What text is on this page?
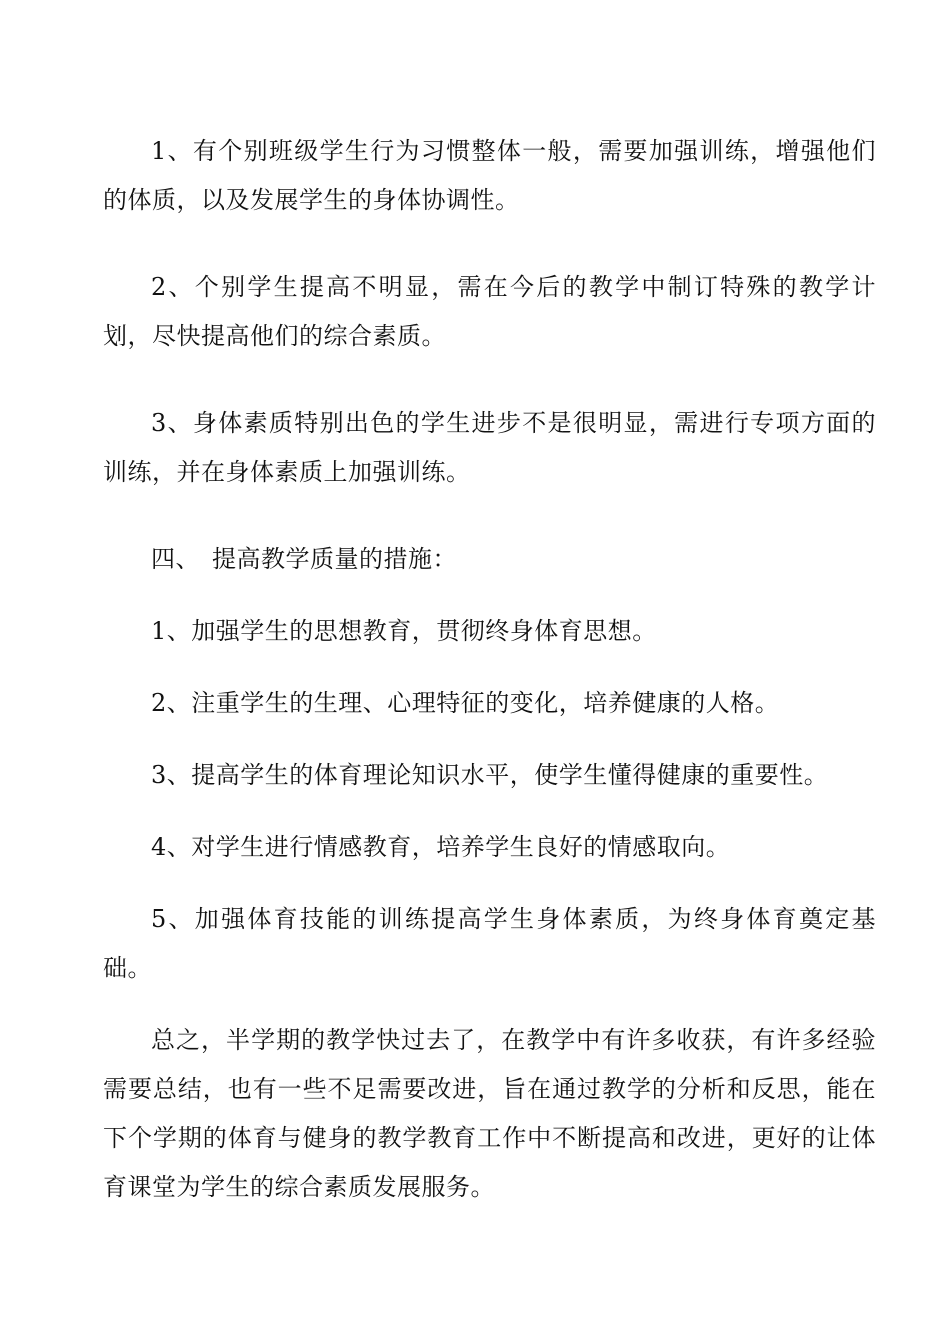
1、有个别班级学生行为习惯整体一般，需要加强训练，增强他们的体质，以及发展学生的身体协调性。

2、个别学生提高不明显，需在今后的教学中制订特殊的教学计划，尽快提高他们的综合素质。

3、身体素质特别出色的学生进步不是很明显，需进行专项方面的训练，并在身体素质上加强训练。

四、 提高教学质量的措施：

1、加强学生的思想教育，贯彻终身体育思想。

2、注重学生的生理、心理特征的变化，培养健康的人格。

3、提高学生的体育理论知识水平，使学生懂得健康的重要性。

4、对学生进行情感教育，培养学生良好的情感取向。

5、加强体育技能的训练提高学生身体素质，为终身体育奠定基础。

总之，半学期的教学快过去了，在教学中有许多收获，有许多经验需要总结，也有一些不足需要改进，旨在通过教学的分析和反思，能在下个学期的体育与健身的教学教育工作中不断提高和改进，更好的让体育课堂为学生的综合素质发展服务。
